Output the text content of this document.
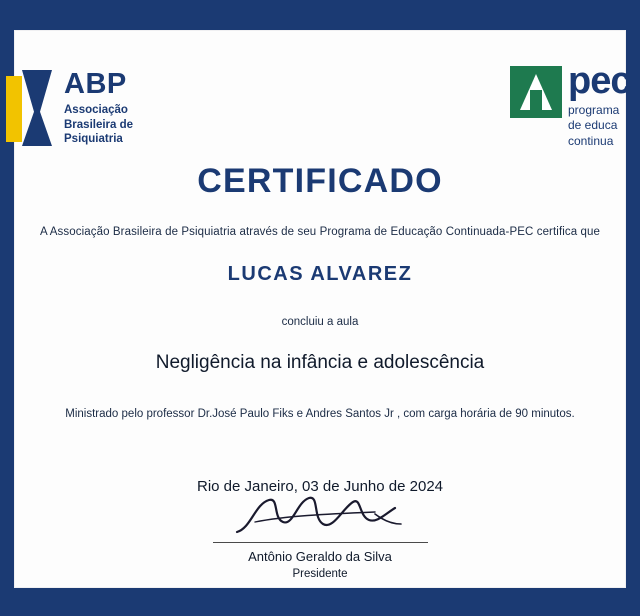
ABP
Associação
Brasileira de
Psiquiatria
pec
programa
de educa
continua
CERTIFICADO
A Associação Brasileira de Psiquiatria através de seu Programa de Educação Continuada-PEC certifica que
LUCAS ALVAREZ
concluiu a aula
Negligência na infância e adolescência
Ministrado pelo professor Dr.José Paulo Fiks e Andres Santos Jr , com carga horária de 90 minutos.
Rio de Janeiro, 03 de Junho de 2024
Antônio Geraldo da Silva
Presidente
